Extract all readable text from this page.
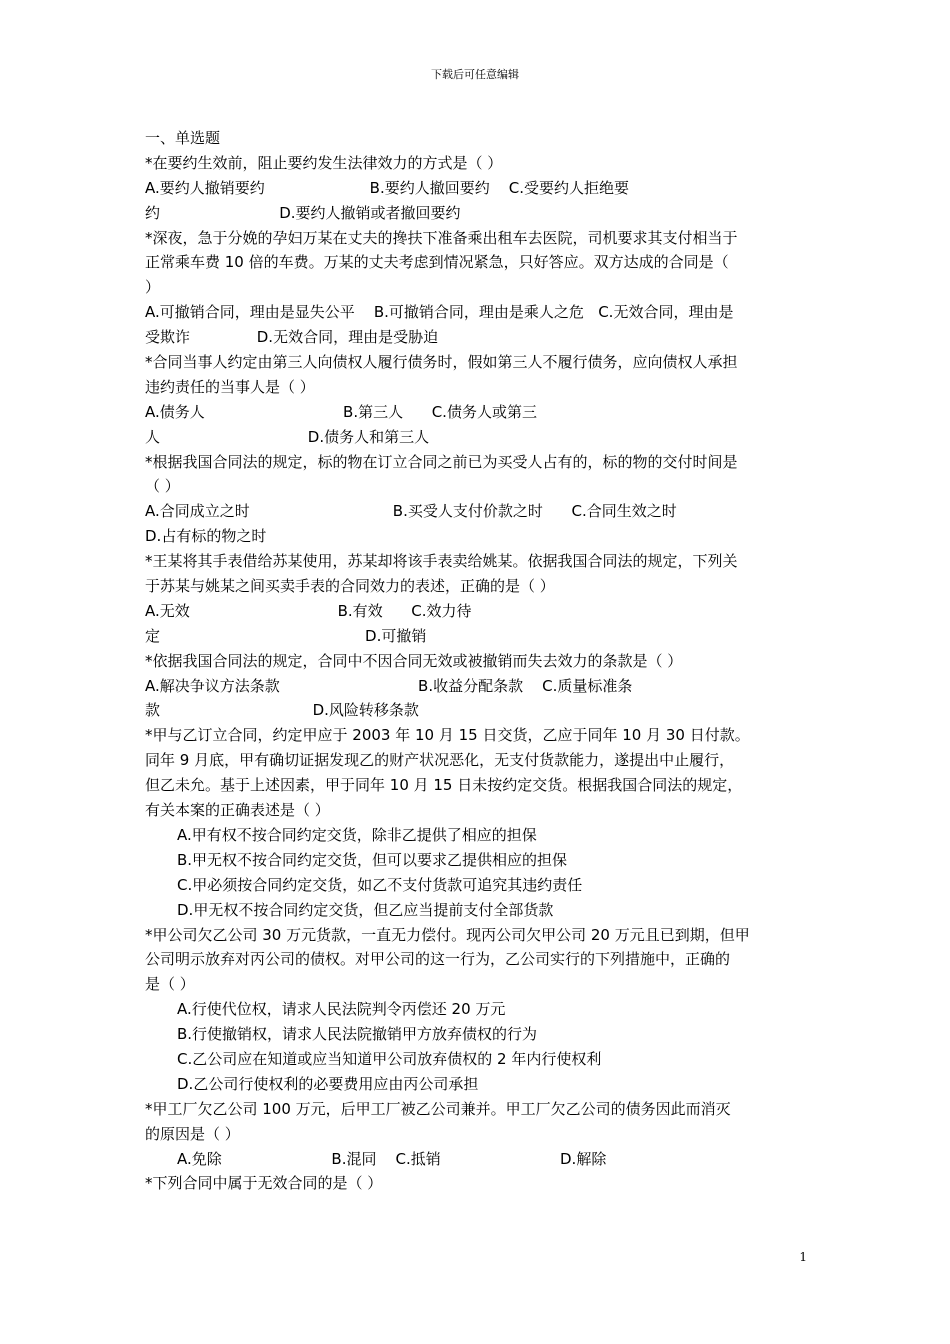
下载后可任意编辑
一、单选题
*在要约生效前，阻止要约发生法律效力的方式是（ ）
A.要约人撤销要约                      B.要约人撤回要约    C.受要约人拒绝要
约                         D.要约人撤销或者撤回要约
*深夜，急于分娩的孕妇万某在丈夫的搀扶下准备乘出租车去医院，司机要求其支付相当于
正常乘车费 10 倍的车费。万某的丈夫考虑到情况紧急，只好答应。双方达成的合同是（
）
A.可撤销合同，理由是显失公平    B.可撤销合同，理由是乘人之危   C.无效合同，理由是
受欺诈              D.无效合同，理由是受胁迫
*合同当事人约定由第三人向债权人履行债务时，假如第三人不履行债务，应向债权人承担
违约责任的当事人是（ ）
A.债务人                             B.第三人      C.债务人或第三
人                               D.债务人和第三人
*根据我国合同法的规定，标的物在订立合同之前已为买受人占有的，标的物的交付时间是
（ ）
A.合同成立之时                              B.买受人支付价款之时      C.合同生效之时
D.占有标的物之时
*王某将其手表借给苏某使用，苏某却将该手表卖给姚某。依据我国合同法的规定，下列关
于苏某与姚某之间买卖手表的合同效力的表述，正确的是（ ）
A.无效                               B.有效      C.效力待
定                                           D.可撤销
*依据我国合同法的规定，合同中不因合同无效或被撤销而失去效力的条款是（ ）
A.解决争议方法条款                             B.收益分配条款    C.质量标准条
款                                D.风险转移条款
*甲与乙订立合同，约定甲应于 2003 年 10 月 15 日交货，乙应于同年 10 月 30 日付款。
同年 9 月底，甲有确切证据发现乙的财产状况恶化，无支付货款能力，遂提出中止履行，
但乙未允。基于上述因素，甲于同年 10 月 15 日未按约定交货。根据我国合同法的规定，
有关本案的正确表述是（ ）
A.甲有权不按合同约定交货，除非乙提供了相应的担保
B.甲无权不按合同约定交货，但可以要求乙提供相应的担保
C.甲必须按合同约定交货，如乙不支付货款可追究其违约责任
D.甲无权不按合同约定交货，但乙应当提前支付全部货款
*甲公司欠乙公司 30 万元货款，一直无力偿付。现丙公司欠甲公司 20 万元且已到期，但甲
公司明示放弃对丙公司的债权。对甲公司的这一行为，乙公司实行的下列措施中，正确的
是（ ）
A.行使代位权，请求人民法院判令丙偿还 20 万元
B.行使撤销权，请求人民法院撤销甲方放弃债权的行为
C.乙公司应在知道或应当知道甲公司放弃债权的 2 年内行使权利
D.乙公司行使权利的必要费用应由丙公司承担
*甲工厂欠乙公司 100 万元，后甲工厂被乙公司兼并。甲工厂欠乙公司的债务因此而消灭
的原因是（ ）
A.免除                       B.混同    C.抵销                         D.解除
*下列合同中属于无效合同的是（ ）
1
